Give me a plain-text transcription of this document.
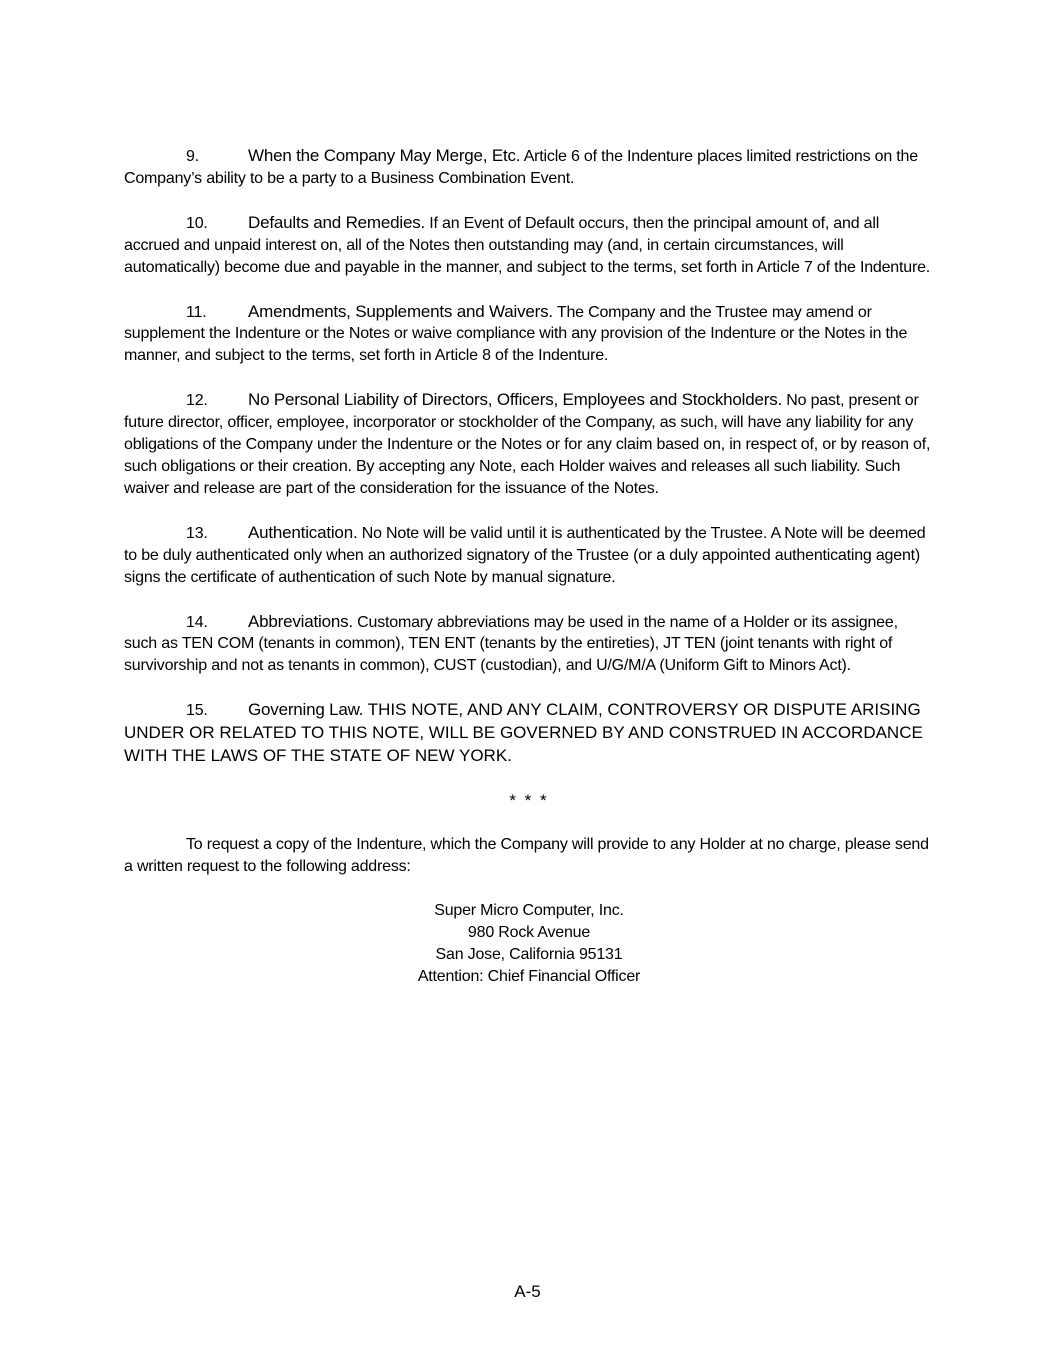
9.	When the Company May Merge, Etc. Article 6 of the Indenture places limited restrictions on the Company’s ability to be a party to a Business Combination Event.

10. Defaults and Remedies. If an Event of Default occurs, then the principal amount of, and all accrued and unpaid interest on, all of the Notes then outstanding may (and, in certain circumstances, will automatically) become due and payable in the manner, and subject to the terms, set forth in Article 7 of the Indenture.

11. Amendments, Supplements and Waivers. The Company and the Trustee may amend or supplement the Indenture or the Notes or waive compliance with any provision of the Indenture or the Notes in the manner, and subject to the terms, set forth in Article 8 of the Indenture.

12. No Personal Liability of Directors, Officers, Employees and Stockholders. No past, present or future director, officer, employee, incorporator or stockholder of the Company, as such, will have any liability for any obligations of the Company under the Indenture or the Notes or for any claim based on, in respect of, or by reason of, such obligations or their creation. By accepting any Note, each Holder waives and releases all such liability. Such waiver and release are part of the consideration for the issuance of the Notes.

13. Authentication. No Note will be valid until it is authenticated by the Trustee. A Note will be deemed to be duly authenticated only when an authorized signatory of the Trustee (or a duly appointed authenticating agent) signs the certificate of authentication of such Note by manual signature.

14. Abbreviations. Customary abbreviations may be used in the name of a Holder or its assignee, such as TEN COM (tenants in common), TEN ENT (tenants by the entireties), JT TEN (joint tenants with right of survivorship and not as tenants in common), CUST (custodian), and U/G/M/A (Uniform Gift to Minors Act).

15. Governing Law. THIS NOTE, AND ANY CLAIM, CONTROVERSY OR DISPUTE ARISING UNDER OR RELATED TO THIS NOTE, WILL BE GOVERNED BY AND CONSTRUED IN ACCORDANCE WITH THE LAWS OF THE STATE OF NEW YORK.

* * *

To request a copy of the Indenture, which the Company will provide to any Holder at no charge, please send a written request to the following address:

Super Micro Computer, Inc.
980 Rock Avenue
San Jose, California 95131
Attention: Chief Financial Officer
A-5
